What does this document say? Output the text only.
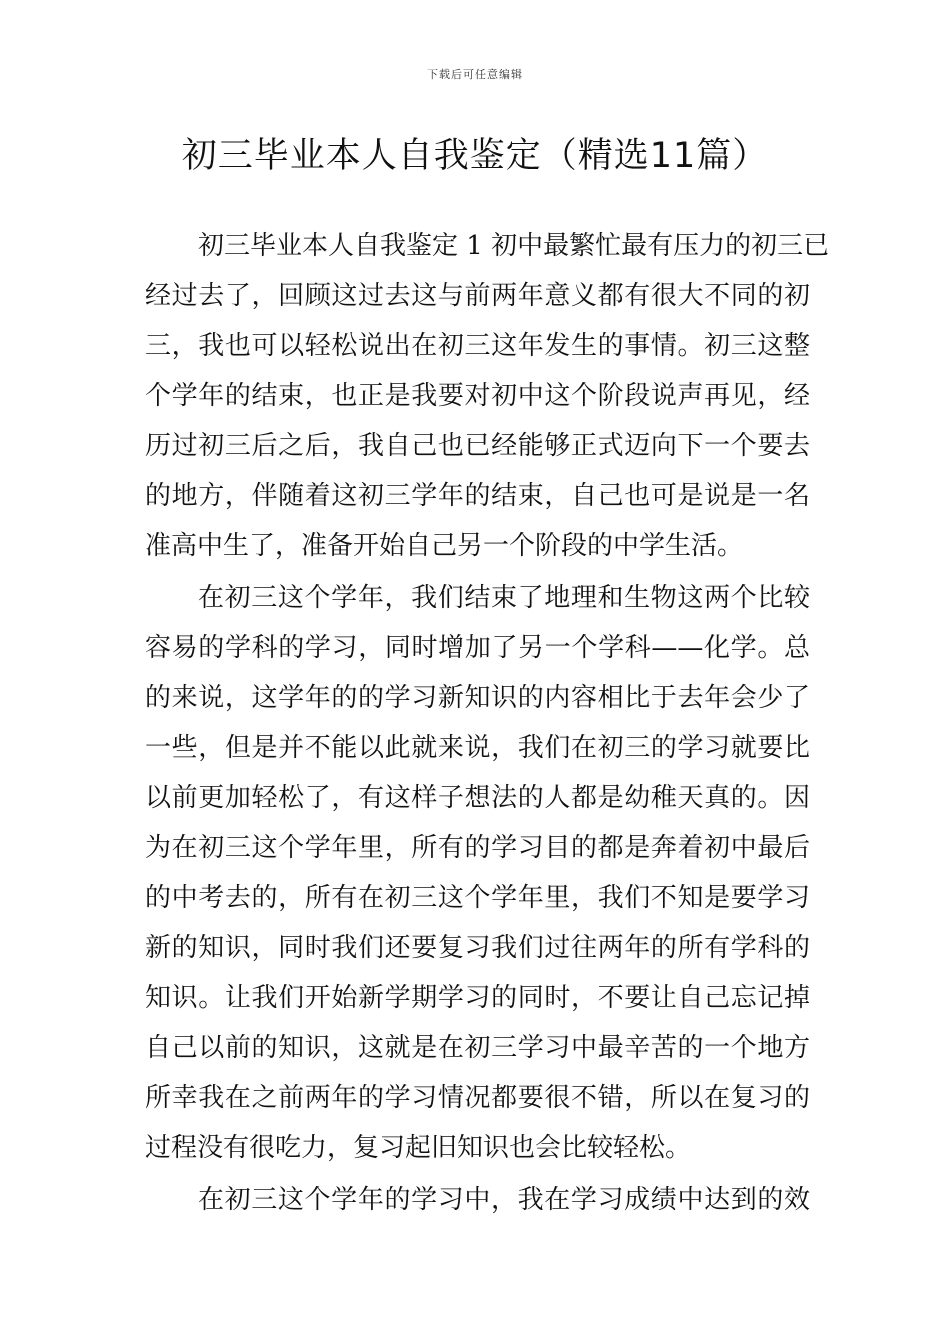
下载后可任意编辑
初三毕业本人自我鉴定（精选11篇）
初三毕业本人自我鉴定 1 初中最繁忙最有压力的初三已
经过去了，回顾这过去这与前两年意义都有很大不同的初
三，我也可以轻松说出在初三这年发生的事情。初三这整
个学年的结束，也正是我要对初中这个阶段说声再见，经
历过初三后之后，我自己也已经能够正式迈向下一个要去
的地方，伴随着这初三学年的结束，自己也可是说是一名
准高中生了，准备开始自己另一个阶段的中学生活。
在初三这个学年，我们结束了地理和生物这两个比较
容易的学科的学习，同时增加了另一个学科——化学。总
的来说，这学年的的学习新知识的内容相比于去年会少了
一些，但是并不能以此就来说，我们在初三的学习就要比
以前更加轻松了，有这样子想法的人都是幼稚天真的。因
为在初三这个学年里，所有的学习目的都是奔着初中最后
的中考去的，所有在初三这个学年里，我们不知是要学习
新的知识，同时我们还要复习我们过往两年的所有学科的
知识。让我们开始新学期学习的同时，不要让自己忘记掉
自己以前的知识，这就是在初三学习中最辛苦的一个地方
所幸我在之前两年的学习情况都要很不错，所以在复习的
过程没有很吃力，复习起旧知识也会比较轻松。
在初三这个学年的学习中，我在学习成绩中达到的效
